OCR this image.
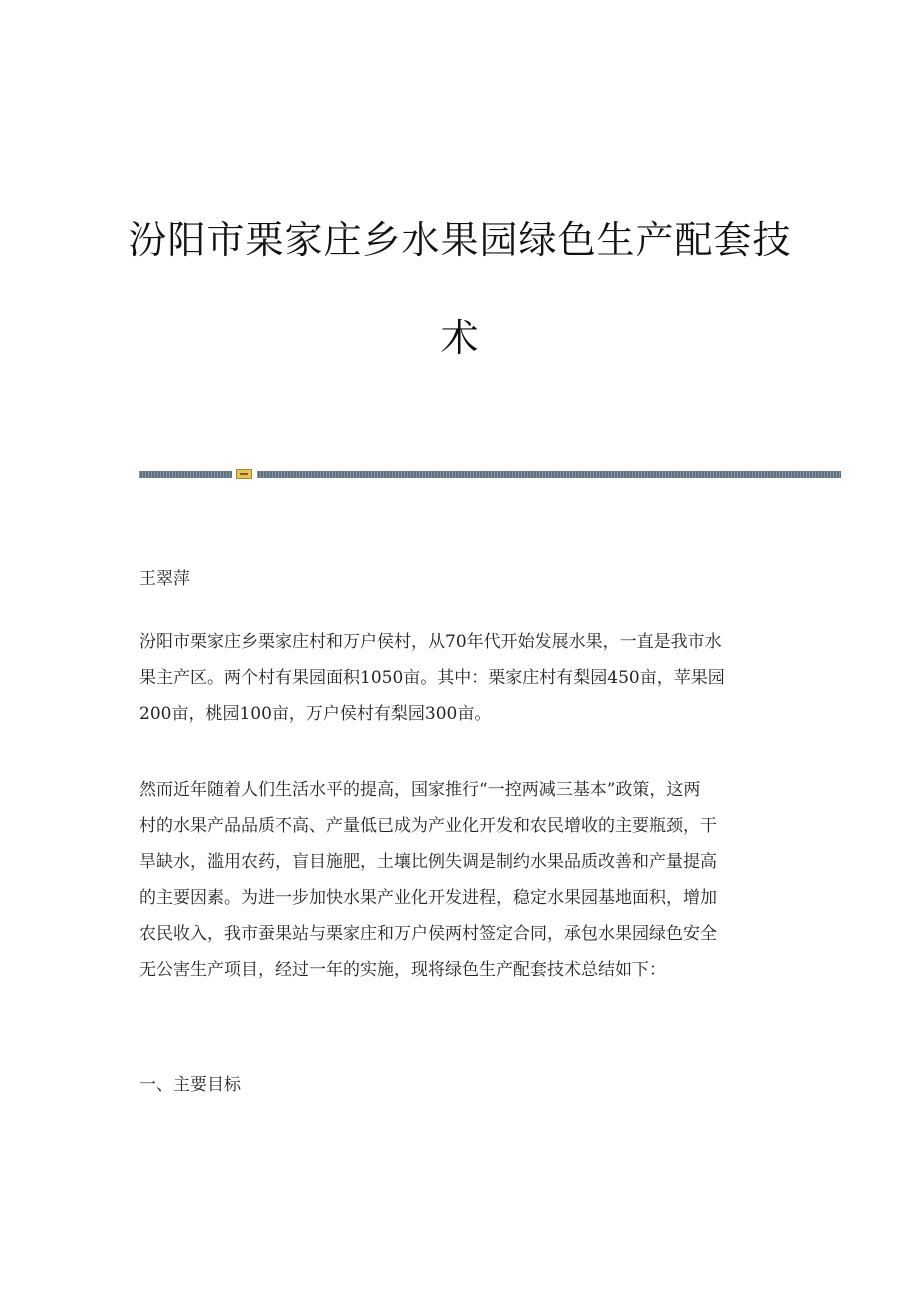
汾阳市栗家庄乡水果园绿色生产配套技
术
王翠萍

汾阳市栗家庄乡栗家庄村和万户侯村，从70年代开始发展水果，一直是我市水
果主产区。两个村有果园面积1050亩。其中：栗家庄村有梨园450亩，苹果园
200亩，桃园100亩，万户侯村有梨园300亩。

然而近年随着人们生活水平的提高，国家推行“一控两减三基本”政策，这两
村的水果产品品质不高、产量低已成为产业化开发和农民增收的主要瓶颈，干
旱缺水，滥用农药，盲目施肥，土壤比例失调是制约水果品质改善和产量提高
的主要因素。为进一步加快水果产业化开发进程，稳定水果园基地面积，增加
农民收入，我市蚕果站与栗家庄和万户侯两村签定合同，承包水果园绿色安全
无公害生产项目，经过一年的实施，现将绿色生产配套技术总结如下：

一、主要目标
